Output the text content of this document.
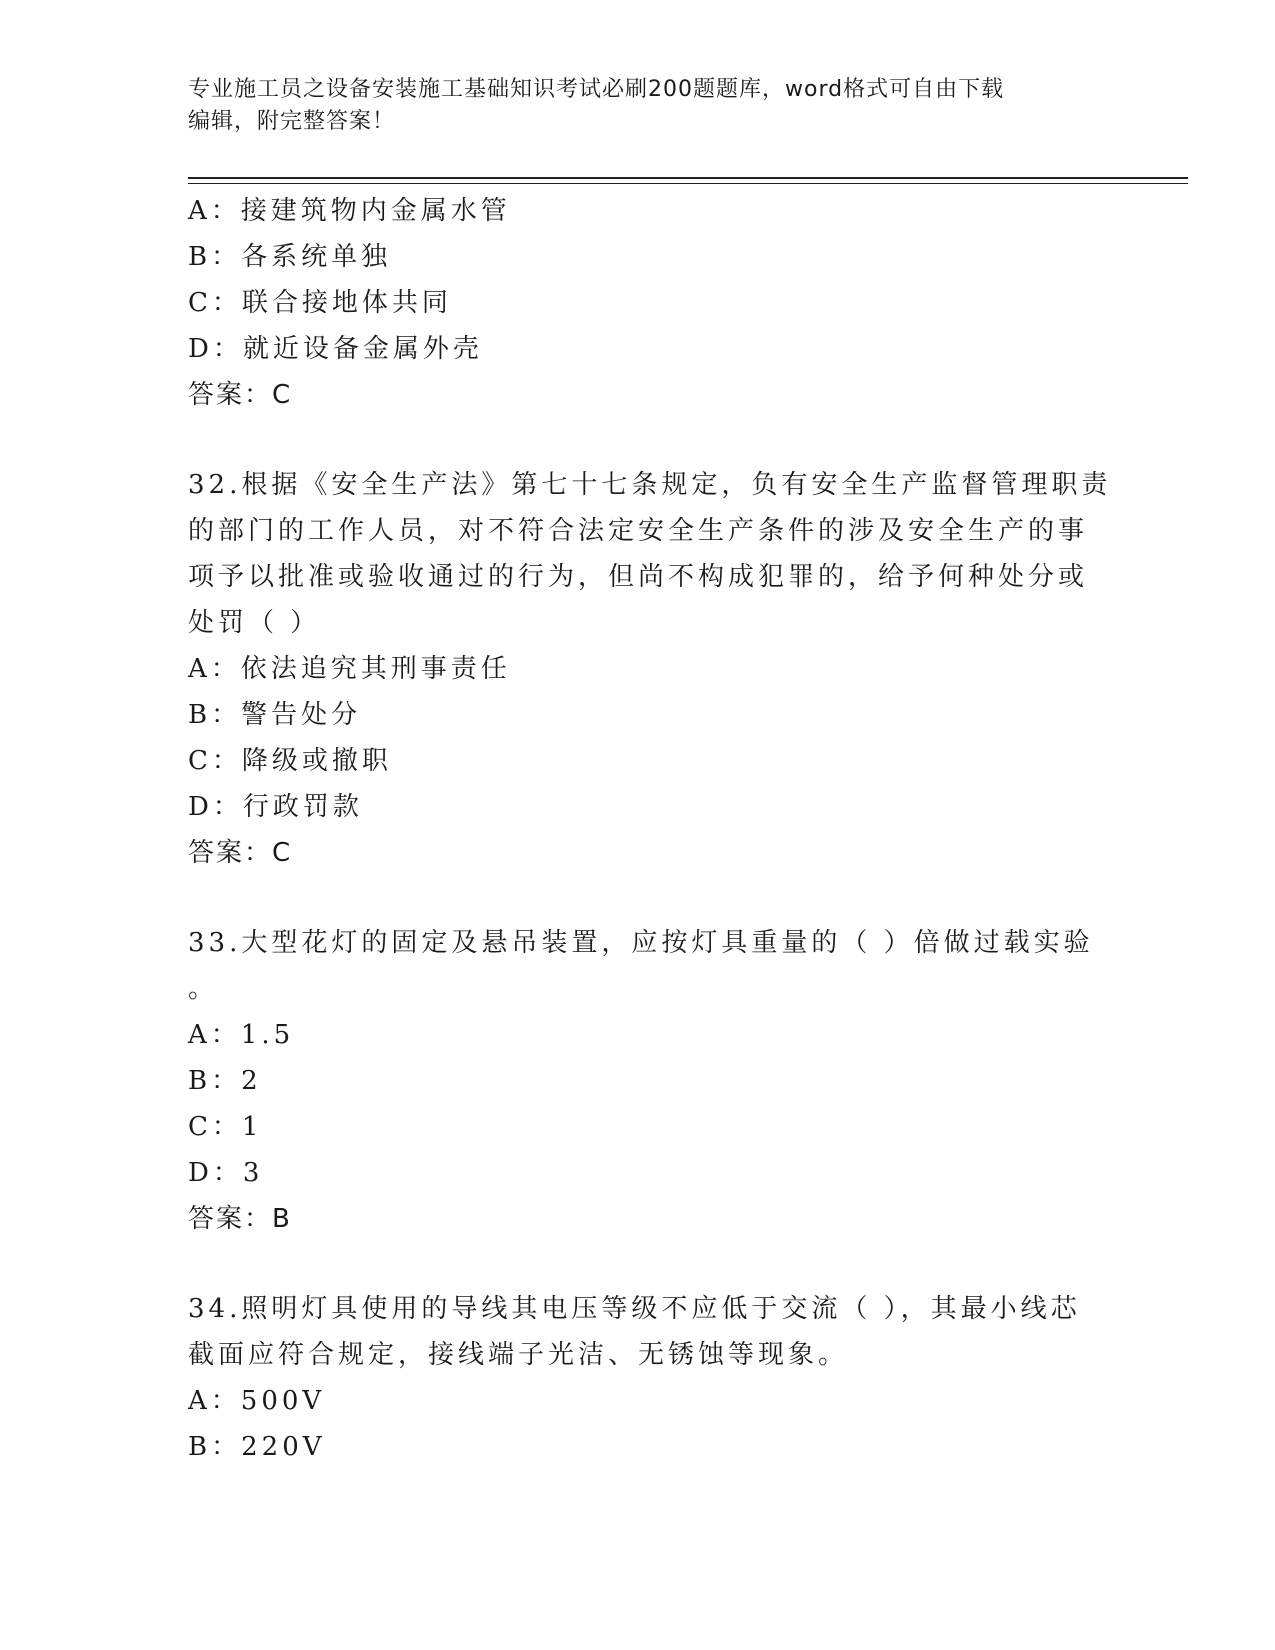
专业施工员之设备安装施工基础知识考试必刷200题题库，word格式可自由下载
编辑，附完整答案！
A：接建筑物内金属水管
B：各系统单独
C：联合接地体共同
D：就近设备金属外壳
答案：C
32.根据《安全生产法》第七十七条规定，负有安全生产监督管理职责
的部门的工作人员，对不符合法定安全生产条件的涉及安全生产的事
项予以批准或验收通过的行为，但尚不构成犯罪的，给予何种处分或
处罚（ ）
A：依法追究其刑事责任
B：警告处分
C：降级或撤职
D：行政罚款
答案：C
33.大型花灯的固定及悬吊装置，应按灯具重量的（ ）倍做过载实验
。
A：1.5
B：2
C：1
D：3
答案：B
34.照明灯具使用的导线其电压等级不应低于交流（ ），其最小线芯
截面应符合规定，接线端子光洁、无锈蚀等现象。
A：500V
B：220V
